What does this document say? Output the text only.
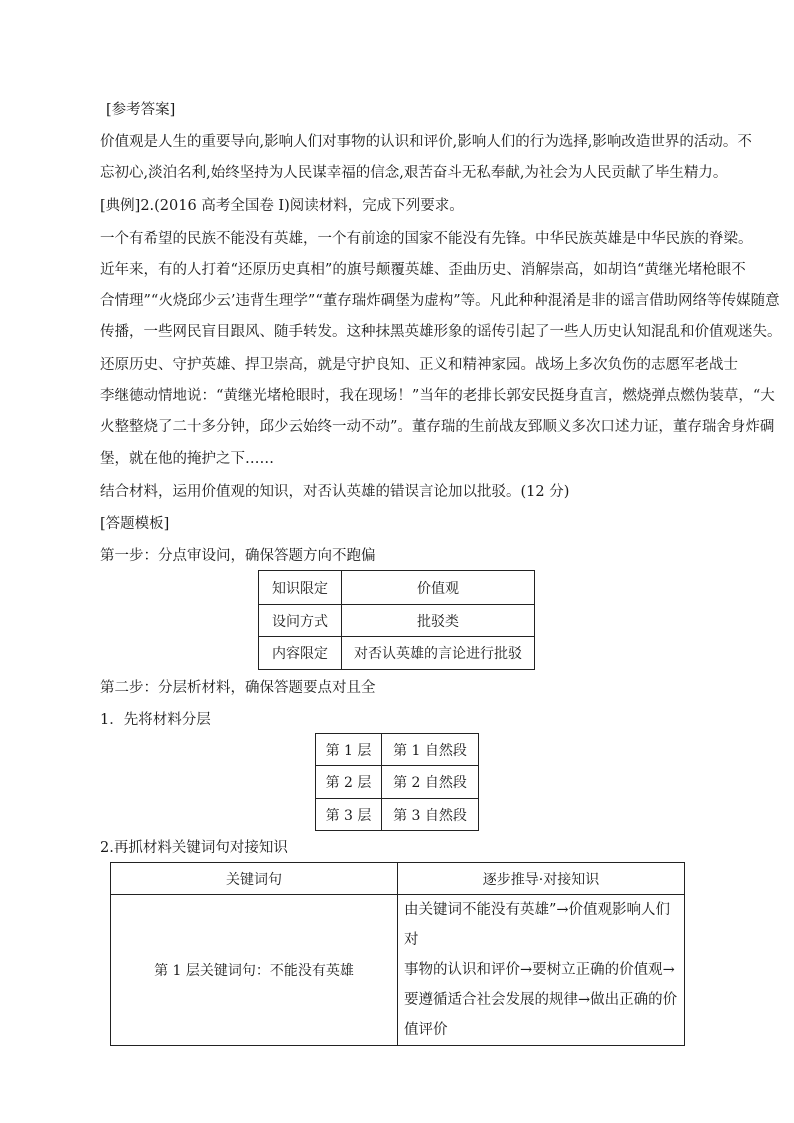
[参考答案]
价值观是人生的重要导向,影响人们对事物的认识和评价,影响人们的行为选择,影响改造世界的活动。不
忘初心,淡泊名利,始终坚持为人民谋幸福的信念,艰苦奋斗无私奉献,为社会为人民贡献了毕生精力。
[典例]2.(2016 高考全国卷 I)阅读材料，完成下列要求。
一个有希望的民族不能没有英雄，一个有前途的国家不能没有先锋。中华民族英雄是中华民族的脊梁。
近年来，有的人打着“还原历史真相”的旗号颠覆英雄、歪曲历史、消解崇高，如胡诌“黄继光堵枪眼不
合情理”“火烧邱少云’违背生理学”“董存瑞炸碉堡为虚构”等。凡此种种混淆是非的谣言借助网络等传媒随意
传播，一些网民盲目跟风、随手转发。这种抹黑英雄形象的谣传引起了一些人历史认知混乱和价值观迷失。
还原历史、守护英雄、捍卫崇高，就是守护良知、正义和精神家园。战场上多次负伤的志愿军老战士
李继德动情地说：“黄继光堵枪眼时，我在现场！”当年的老排长郭安民挺身直言，燃烧弹点燃伪装草，“大
火整整烧了二十多分钟，邱少云始终一动不动”。董存瑞的生前战友郅顺义多次口述力证，董存瑞舍身炸碉
堡，就在他的掩护之下……
结合材料，运用价值观的知识，对否认英雄的错误言论加以批驳。(12 分)
[答题模板]
第一步：分点审设问，确保答题方向不跑偏
知识限定	价值观
设问方式	批驳类
内容限定	对否认英雄的言论进行批驳
第二步：分层析材料，确保答题要点对且全
1．先将材料分层
第 1 层	第 1 自然段
第 2 层	第 2 自然段
第 3 层	第 3 自然段
2.再抓材料关键词句对接知识
关键词句	逐步推导·对接知识
第 1 层关键词句：不能没有英雄	由关键词不能没有英雄”→价值观影响人们对
事物的认识和评价→要树立正确的价值观→
要遵循适合社会发展的规律→做出正确的价
值评价
